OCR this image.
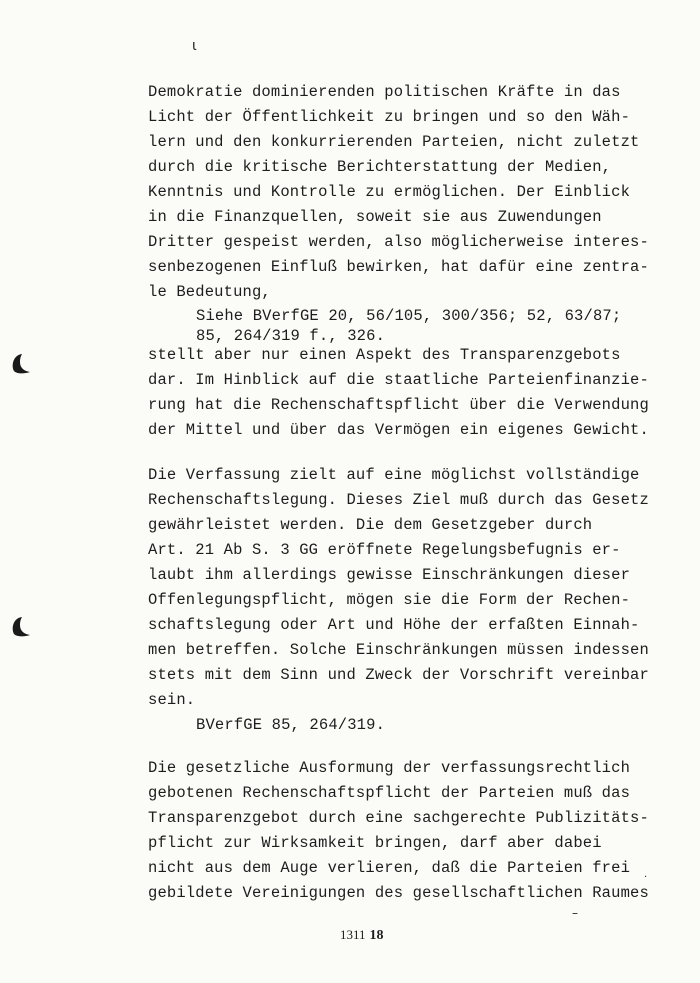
ɩ
·
–
Demokratie dominierenden politischen Kräfte in das
Licht der Öffentlichkeit zu bringen und so den Wäh-
lern und den konkurrierenden Parteien, nicht zuletzt
durch die kritische Berichterstattung der Medien,
Kenntnis und Kontrolle zu ermöglichen. Der Einblick
in die Finanzquellen, soweit sie aus Zuwendungen
Dritter gespeist werden, also möglicherweise interes-
senbezogenen Einfluß bewirken, hat dafür eine zentra-
le Bedeutung,
Siehe BVerfGE 20, 56/105, 300/356; 52, 63/87;
85, 264/319 f., 326.
stellt aber nur einen Aspekt des Transparenzgebots
dar. Im Hinblick auf die staatliche Parteienfinanzie-
rung hat die Rechenschaftspflicht über die Verwendung
der Mittel und über das Vermögen ein eigenes Gewicht.
Die Verfassung zielt auf eine möglichst vollständige
Rechenschaftslegung. Dieses Ziel muß durch das Gesetz
gewährleistet werden. Die dem Gesetzgeber durch
Art. 21 Ab S. 3 GG eröffnete Regelungsbefugnis er-
laubt ihm allerdings gewisse Einschränkungen dieser
Offenlegungspflicht, mögen sie die Form der Rechen-
schaftslegung oder Art und Höhe der erfaßten Einnah-
men betreffen. Solche Einschränkungen müssen indessen
stets mit dem Sinn und Zweck der Vorschrift vereinbar
sein.
BVerfGE 85, 264/319.
Die gesetzliche Ausformung der verfassungsrechtlich
gebotenen Rechenschaftspflicht der Parteien muß das
Transparenzgebot durch eine sachgerechte Publizitäts-
pflicht zur Wirksamkeit bringen, darf aber dabei
nicht aus dem Auge verlieren, daß die Parteien frei
gebildete Vereinigungen des gesellschaftlichen Raumes
1311 18
